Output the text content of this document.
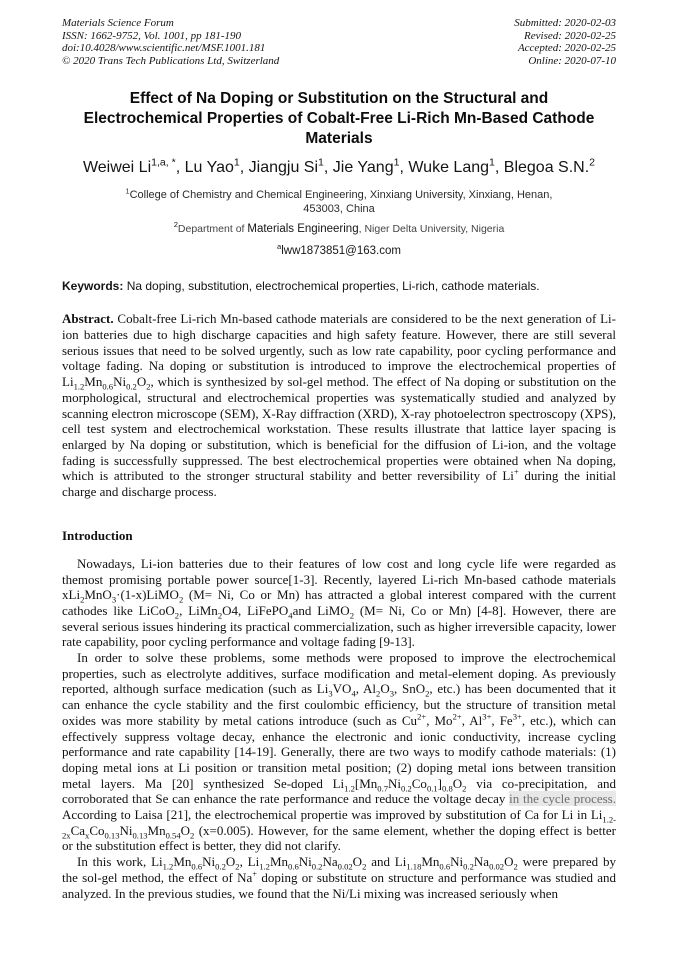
Materials Science Forum
ISSN: 1662-9752, Vol. 1001, pp 181-190
doi:10.4028/www.scientific.net/MSF.1001.181
© 2020 Trans Tech Publications Ltd, Switzerland
Submitted: 2020-02-03
Revised: 2020-02-25
Accepted: 2020-02-25
Online: 2020-07-10
Effect of Na Doping or Substitution on the Structural and Electrochemical Properties of Cobalt-Free Li-Rich Mn-Based Cathode Materials
Weiwei $Li^{1,a, *}$, Lu Yao$^1$, Jiangju Si$^1$, Jie Yang$^1$, Wuke Lang$^1$, Blegoa S.N.$^2$
$^1$College of Chemistry and Chemical Engineering, Xinxiang University, Xinxiang, Henan, 453003, China
$^2$Department of Materials Engineering, Niger Delta University, Nigeria
$^a$lww1873851@163.com
Keywords: Na doping, substitution, electrochemical properties, Li-rich, cathode materials.

Abstract. Cobalt-free Li-rich Mn-based cathode materials are considered to be the next generation of Li-ion batteries due to high discharge capacities and high safety feature. However, there are still several serious issues that need to be solved urgently, such as low rate capability, poor cycling performance and voltage fading. Na doping or substitution is introduced to improve the electrochemical properties of $Li_{1.2}Mn_{0.6}Ni_{0.2}O_2$, which is synthesized by sol-gel method. The effect of Na doping or substitution on the morphological, structural and electrochemical properties was systematically studied and analyzed by scanning electron microscope (SEM), X-Ray diffraction (XRD), X-ray photoelectron spectroscopy (XPS), cell test system and electrochemical workstation. These results illustrate that lattice layer spacing is enlarged by Na doping or substitution, which is beneficial for the diffusion of Li-ion, and the voltage fading is successfully suppressed. The best electrochemical properties were obtained when Na doping, which is attributed to the stronger structural stability and better reversibility of Li+ during the initial charge and discharge process.

Introduction

Nowadays, Li-ion batteries due to their features of low cost and long cycle life were regarded as themost promising portable power source[1-3]. Recently, layered Li-rich Mn-based cathode materials xLi$_2$MnO$_3$·(1-x)LiMO$_2$ (M= Ni, Co or Mn) has attracted a global interest compared with the current cathodes like LiCoO$_2$, LiMn$_2$O4, LiFePO$_4$and LiMO$_2$ (M= Ni, Co or Mn) [4-8]. However, there are several serious issues hindering its practical commercialization, such as higher irreversible capacity, lower rate capability, poor cycling performance and voltage fading [9-13].

In order to solve these problems, some methods were proposed to improve the electrochemical properties, such as electrolyte additives, surface modification and metal-element doping. As previously reported, although surface medication (such as $Li_3VO_4$, $Al_2O_3$, SnO$_2$, etc.) has been documented that it can enhance the cycle stability and the first coulombic efficiency, but the structure of transition metal oxides was more stability by metal cations introduce (such as $Cu^{2+}$, $Mo^{2+}$, $Al^{3+}$, $Fe^{3+}$, etc.), which can effectively suppress voltage decay, enhance the electronic and ionic conductivity, increase cycling performance and rate capability [14-19]. Generally, there are two ways to modify cathode materials: (1) doping metal ions at Li position or transition metal position; (2) doping metal ions between transition metal layers. Ma [20] synthesized Se-doped $Li_{1.2}[Mn_{0.7}Ni_{0.2}Co_{0.1}]_{0.8}O_2$ via co-precipitation, and corroborated that Se can enhance the rate performance and reduce the voltage decay in the cycle process. According to Laisa [21], the electrochemical propertie was improved by substitution of Ca for Li in $Li_{1.2-2x}Ca_xCo_{0.13}Ni_{0.13}Mn_{0.54}O_2$ (x=0.005). However, for the same element, whether the doping effect is better or the substitution effect is better, they did not clarify.

In this work, $Li_{1.2}Mn_{0.6}Ni_{0.2}O_2$, $Li_{1.2}Mn_{0.6}Ni_{0.2}Na_{0.02}O_2$ and $Li_{1.18}Mn_{0.6}Ni_{0.2}Na_{0.02}O_2$ were prepared by the sol-gel method, the effect of Na+ doping or substitute on structure and performance was studied and analyzed. In the previous studies, we found that the Ni/Li mixing was increased seriously when
